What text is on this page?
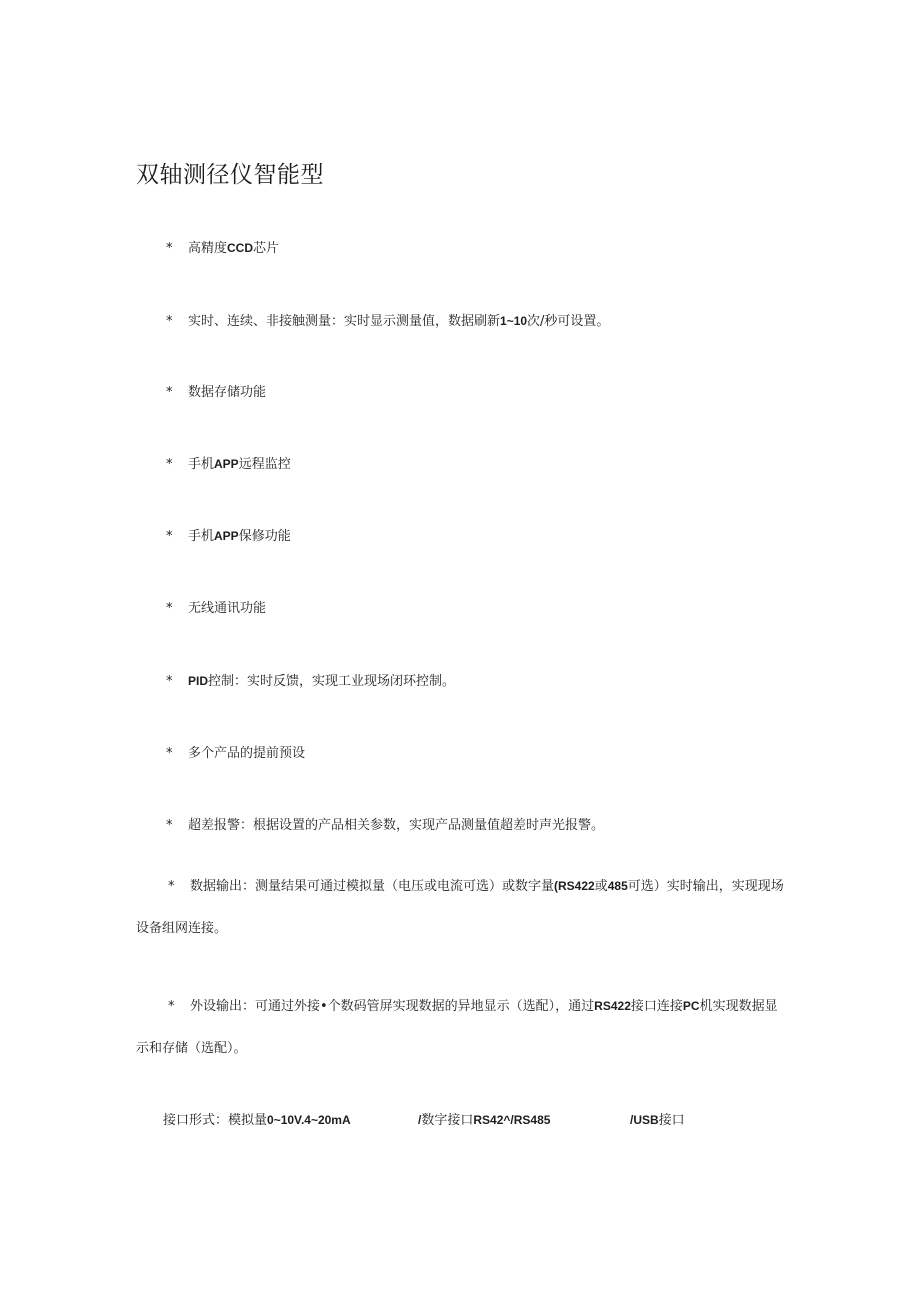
双轴测径仪智能型
* 高精度CCD芯片
* 实时、连续、非接触测量：实时显示测量值，数据刷新1~10次/秒可设置。
* 数据存储功能
* 手机APP远程监控
* 手机APP保修功能
* 无线通讯功能
* PID控制：实时反馈，实现工业现场闭环控制。
* 多个产品的提前预设
* 超差报警：根据设置的产品相关参数，实现产品测量值超差时声光报警。

* 数据输出：测量结果可通过模拟量（电压或电流可选）或数字量(RS422或485可选）实时输出，实现现场设备组网连接。

* 外设输出：可通过外接•个数码管屏实现数据的异地显示（选配），通过RS422接口连接PC机实现数据显示和存储（选配）。

接口形式：模拟量0~10V.4~20mA	/数字接口RS42^/RS485	/USB接口
